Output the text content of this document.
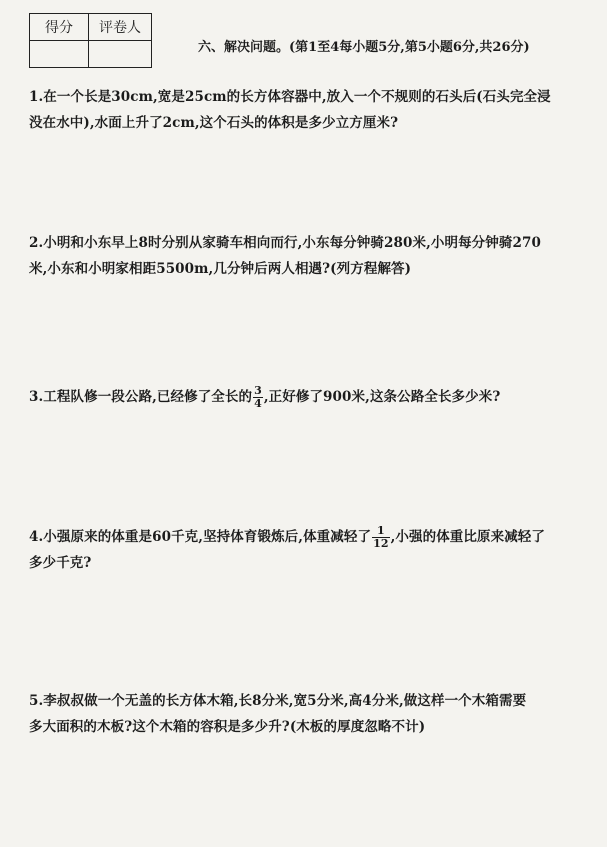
得分	评卷人

六、解决问题。(第1至4每小题5分,第5小题6分,共26分)

1.在一个长是30cm,宽是25cm的长方体容器中,放入一个不规则的石头后(石头完全浸

没在水中),水面上升了2cm,这个石头的体积是多少立方厘米?

2.小明和小东早上8时分别从家骑车相向而行,小东每分钟骑280米,小明每分钟骑270

米,小东和小明家相距5500m,几分钟后两人相遇?(列方程解答)

3.工程队修一段公路,已经修了全长的 $\frac{3}{4}$ ,正好修了900米,这条公路全长多少米?

4.小强原来的体重是60千克,坚持体育锻炼后,体重减轻了 $\frac{1}{12}$ ,小强的体重比原来减轻了

多少千克?

5.李叔叔做一个无盖的长方体木箱,长8分米,宽5分米,高4分米,做这样一个木箱需要

多大面积的木板?这个木箱的容积是多少升?(木板的厚度忽略不计)
